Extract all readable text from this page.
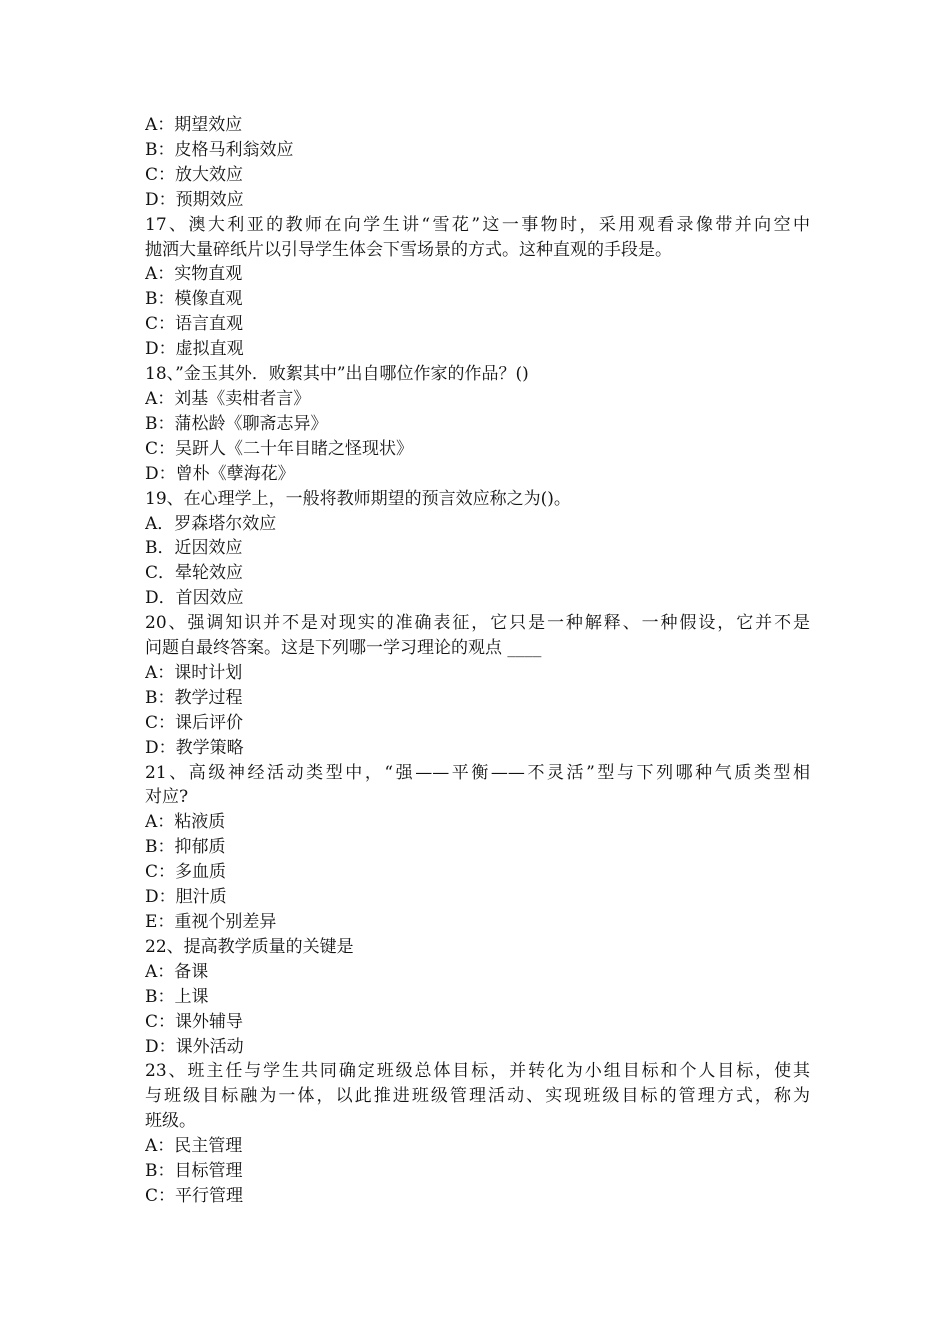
A：期望效应
B：皮格马利翁效应
C：放大效应
D：预期效应
17、澳大利亚的教师在向学生讲“雪花”这一事物时，采用观看录像带并向空中
抛洒大量碎纸片以引导学生体会下雪场景的方式。这种直观的手段是。
A：实物直观
B：模像直观
C：语言直观
D：虚拟直观
18、”金玉其外．败絮其中”出自哪位作家的作品？()
A：刘基《卖柑者言》
B：蒲松龄《聊斋志异》
C：吴趼人《二十年目睹之怪现状》
D：曾朴《孽海花》
19、在心理学上，一般将教师期望的预言效应称之为()。
A．罗森塔尔效应
B．近因效应
C．晕轮效应
D．首因效应
20、强调知识并不是对现实的准确表征，它只是一种解释、一种假设，它并不是
问题自最终答案。这是下列哪一学习理论的观点 ____
A：课时计划
B：教学过程
C：课后评价
D：教学策略
21、高级神经活动类型中，“强——平衡——不灵活”型与下列哪种气质类型相
对应?
A：粘液质
B：抑郁质
C：多血质
D：胆汁质
E：重视个别差异
22、提高教学质量的关键是
A：备课
B：上课
C：课外辅导
D：课外活动
23、班主任与学生共同确定班级总体目标，并转化为小组目标和个人目标，使其
与班级目标融为一体，以此推进班级管理活动、实现班级目标的管理方式，称为
班级。
A：民主管理
B：目标管理
C：平行管理
